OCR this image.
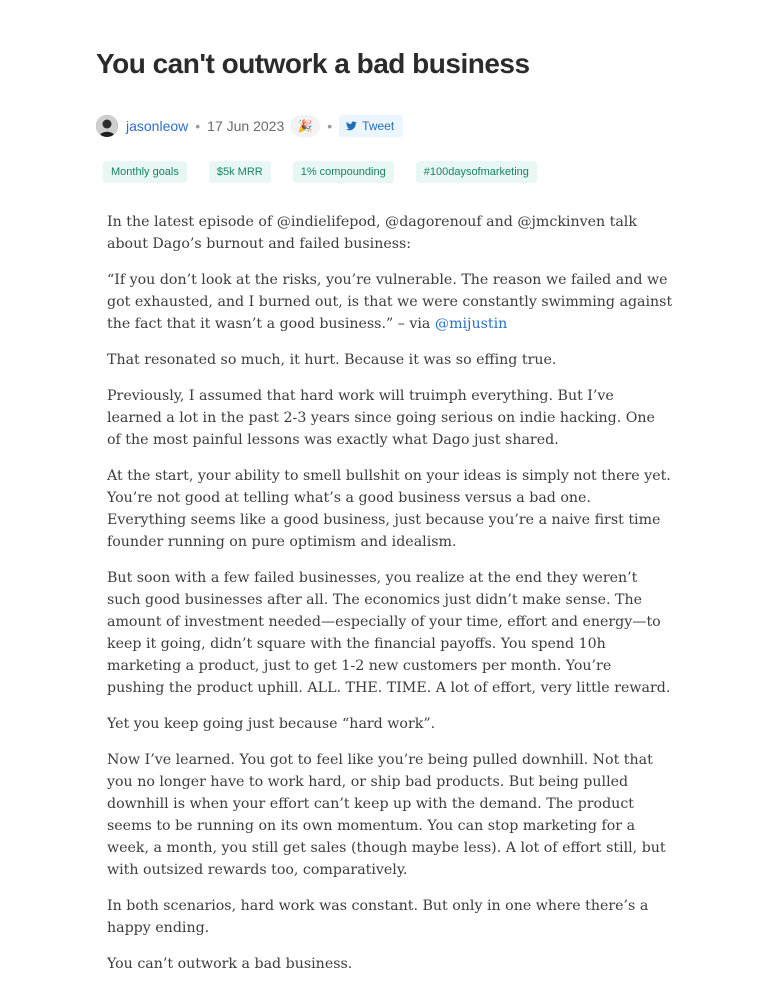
You can't outwork a bad business
jasonleow • 17 Jun 2023	🎉	•	Tweet
Monthly goals	$5k MRR	1% compounding	#100daysofmarketing

In the latest episode of @indielifepod, @dagorenouf and @jmckinven talk about Dago’s burnout and failed business:

“If you don’t look at the risks, you’re vulnerable. The reason we failed and we got exhausted, and I burned out, is that we were constantly swimming against the fact that it wasn’t a good business.” – via @mijustin

That resonated so much, it hurt. Because it was so effing true.

Previously, I assumed that hard work will truimph everything. But I’ve learned a lot in the past 2-3 years since going serious on indie hacking. One of the most painful lessons was exactly what Dago just shared.

At the start, your ability to smell bullshit on your ideas is simply not there yet. You’re not good at telling what’s a good business versus a bad one. Everything seems like a good business, just because you’re a naive first time founder running on pure optimism and idealism.

But soon with a few failed businesses, you realize at the end they weren’t such good businesses after all. The economics just didn’t make sense. The amount of investment needed—especially of your time, effort and energy—to keep it going, didn’t square with the financial payoffs. You spend 10h marketing a product, just to get 1-2 new customers per month. You’re pushing the product uphill. ALL. THE. TIME. A lot of effort, very little reward.

Yet you keep going just because “hard work”.

Now I’ve learned. You got to feel like you’re being pulled downhill. Not that you no longer have to work hard, or ship bad products. But being pulled downhill is when your effort can’t keep up with the demand. The product seems to be running on its own momentum. You can stop marketing for a week, a month, you still get sales (though maybe less). A lot of effort still, but with outsized rewards too, comparatively.

In both scenarios, hard work was constant. But only in one where there’s a happy ending.

You can’t outwork a bad business.
